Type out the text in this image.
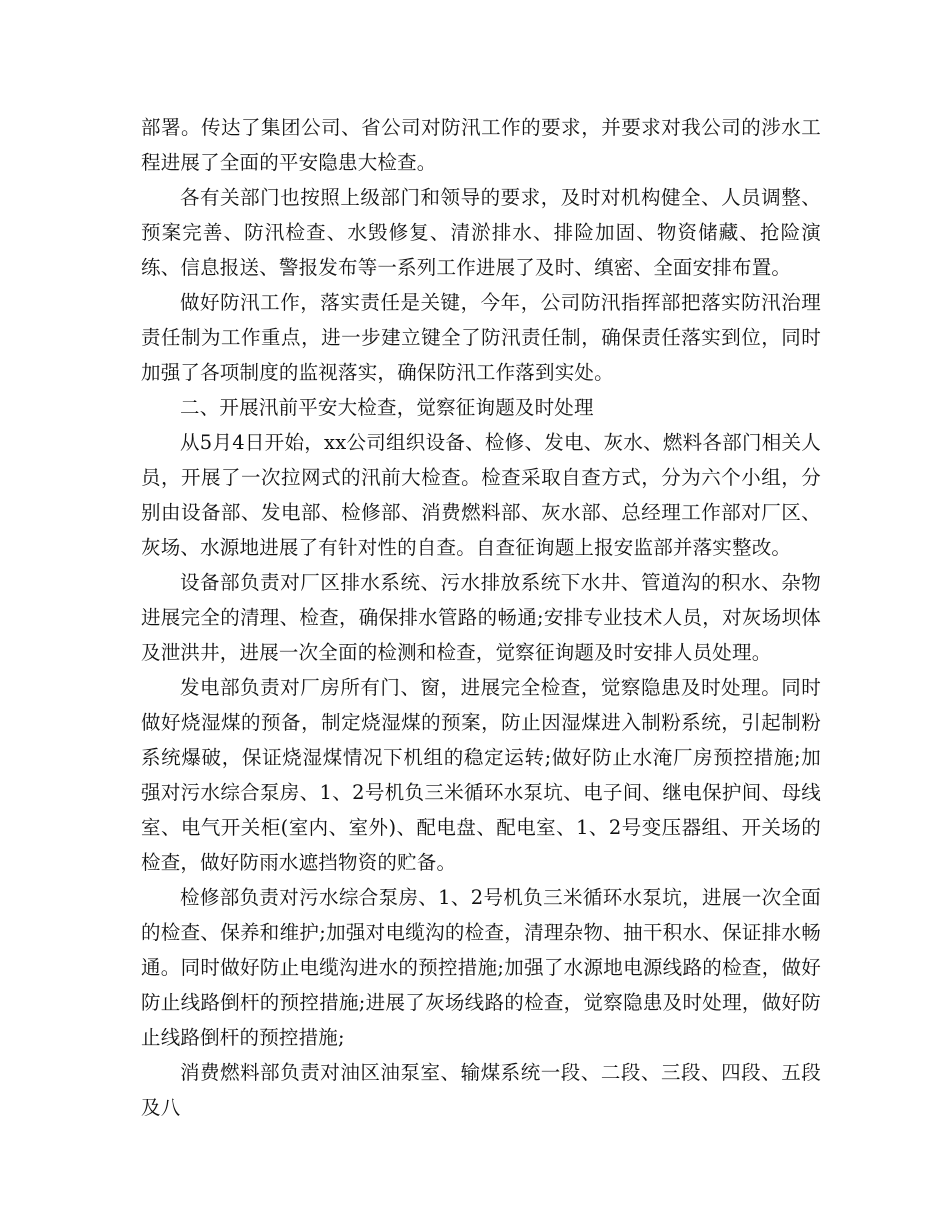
部署。传达了集团公司、省公司对防汛工作的要求，并要求对我公司的涉水工程进展了全面的平安隐患大检查。

各有关部门也按照上级部门和领导的要求，及时对机构健全、人员调整、预案完善、防汛检查、水毁修复、清淤排水、排险加固、物资储藏、抢险演练、信息报送、警报发布等一系列工作进展了及时、缜密、全面安排布置。

做好防汛工作，落实责任是关键，今年，公司防汛指挥部把落实防汛治理责任制为工作重点，进一步建立键全了防汛责任制，确保责任落实到位，同时加强了各项制度的监视落实，确保防汛工作落到实处。

二、开展汛前平安大检查，觉察征询题及时处理

从5月4日开始，xx公司组织设备、检修、发电、灰水、燃料各部门相关人员，开展了一次拉网式的汛前大检查。检查采取自查方式，分为六个小组，分别由设备部、发电部、检修部、消费燃料部、灰水部、总经理工作部对厂区、灰场、水源地进展了有针对性的自查。自查征询题上报安监部并落实整改。

设备部负责对厂区排水系统、污水排放系统下水井、管道沟的积水、杂物进展完全的清理、检查，确保排水管路的畅通;安排专业技术人员，对灰场坝体及泄洪井，进展一次全面的检测和检查，觉察征询题及时安排人员处理。

发电部负责对厂房所有门、窗，进展完全检查，觉察隐患及时处理。同时做好烧湿煤的预备，制定烧湿煤的预案，防止因湿煤进入制粉系统，引起制粉系统爆破，保证烧湿煤情况下机组的稳定运转;做好防止水淹厂房预控措施;加强对污水综合泵房、1、2号机负三米循环水泵坑、电子间、继电保护间、母线室、电气开关柜(室内、室外)、配电盘、配电室、1、2号变压器组、开关场的检查，做好防雨水遮挡物资的贮备。

检修部负责对污水综合泵房、1、2号机负三米循环水泵坑，进展一次全面的检查、保养和维护;加强对电缆沟的检查，清理杂物、抽干积水、保证排水畅通。同时做好防止电缆沟进水的预控措施;加强了水源地电源线路的检查，做好防止线路倒杆的预控措施;进展了灰场线路的检查，觉察隐患及时处理，做好防止线路倒杆的预控措施;

消费燃料部负责对油区油泵室、输煤系统一段、二段、三段、四段、五段及八
